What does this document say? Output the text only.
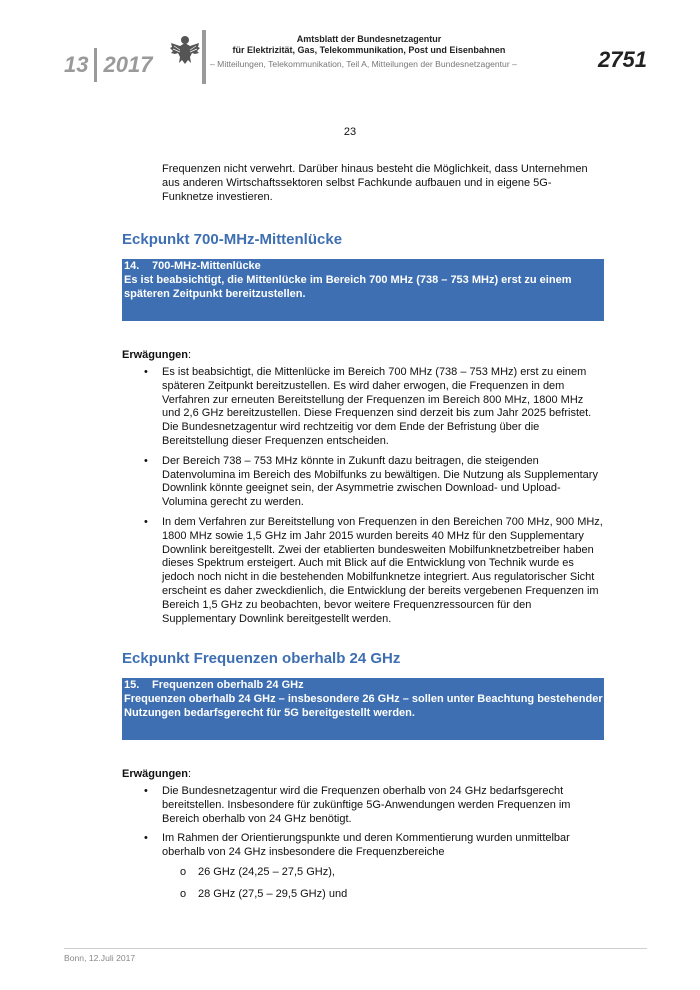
13 2017
Amtsblatt der Bundesnetzagentur
für Elektrizität, Gas, Telekommunikation, Post und Eisenbahnen
– Mitteilungen, Telekommunikation, Teil A, Mitteilungen der Bundesnetzagentur –	2751
23

Frequenzen nicht verwehrt. Darüber hinaus besteht die Möglichkeit, dass Unternehmen aus anderen Wirtschaftssektoren selbst Fachkunde aufbauen und in eigene 5G-Funknetze investieren.

Eckpunkt 700-MHz-Mittenlücke
14. 700-MHz-Mittenlücke
Es ist beabsichtigt, die Mittenlücke im Bereich 700 MHz (738 – 753 MHz) erst zu einem späteren Zeitpunkt bereitzustellen.
Erwägungen:
• Es ist beabsichtigt, die Mittenlücke im Bereich 700 MHz (738 – 753 MHz) erst zu einem späteren Zeitpunkt bereitzustellen. Es wird daher erwogen, die Frequenzen in dem Verfahren zur erneuten Bereitstellung der Frequenzen im Bereich 800 MHz, 1800 MHz und 2,6 GHz bereitzustellen. Diese Frequenzen sind derzeit bis zum Jahr 2025 befristet. Die Bundesnetzagentur wird rechtzeitig vor dem Ende der Befristung über die Bereitstellung dieser Frequenzen entscheiden.
• Der Bereich 738 – 753 MHz könnte in Zukunft dazu beitragen, die steigenden Datenvolumina im Bereich des Mobilfunks zu bewältigen. Die Nutzung als Supplementary Downlink könnte geeignet sein, der Asymmetrie zwischen Download- und Upload-Volumina gerecht zu werden.
• In dem Verfahren zur Bereitstellung von Frequenzen in den Bereichen 700 MHz, 900 MHz, 1800 MHz sowie 1,5 GHz im Jahr 2015 wurden bereits 40 MHz für den Supplementary Downlink bereitgestellt. Zwei der etablierten bundesweiten Mobilfunknetzbetreiber haben dieses Spektrum ersteigert. Auch mit Blick auf die Entwicklung von Technik wurde es jedoch noch nicht in die bestehenden Mobilfunknetze integriert. Aus regulatorischer Sicht erscheint es daher zweckdienlich, die Entwicklung der bereits vergebenen Frequenzen im Bereich 1,5 GHz zu beobachten, bevor weitere Frequenzressourcen für den Supplementary Downlink bereitgestellt werden.
Eckpunkt Frequenzen oberhalb 24 GHz
15. Frequenzen oberhalb 24 GHz
Frequenzen oberhalb 24 GHz – insbesondere 26 GHz – sollen unter Beachtung bestehender Nutzungen bedarfsgerecht für 5G bereitgestellt werden.
Erwägungen:
• Die Bundesnetzagentur wird die Frequenzen oberhalb von 24 GHz bedarfsgerecht bereitstellen. Insbesondere für zukünftige 5G-Anwendungen werden Frequenzen im Bereich oberhalb von 24 GHz benötigt.
• Im Rahmen der Orientierungspunkte und deren Kommentierung wurden unmittelbar oberhalb von 24 GHz insbesondere die Frequenzbereiche
o 26 GHz (24,25 – 27,5 GHz),
o 28 GHz (27,5 – 29,5 GHz) und
Bonn, 12.Juli 2017
